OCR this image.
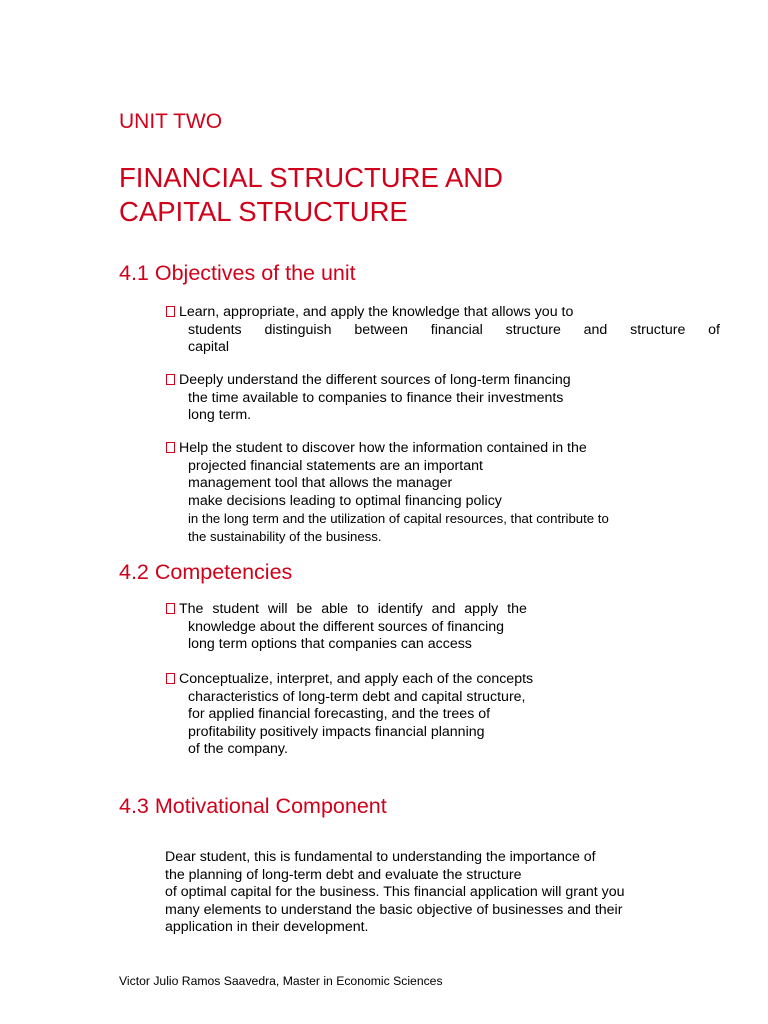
UNIT TWO
FINANCIAL STRUCTURE AND
CAPITAL STRUCTURE
4.1 Objectives of the unit
Learn, appropriate, and apply the knowledge that allows you to
students distinguish between financial structure and structure of
capital
Deeply understand the different sources of long-term financing
the time available to companies to finance their investments
long term.
Help the student to discover how the information contained in the
projected financial statements are an important
management tool that allows the manager
make decisions leading to optimal financing policy
in the long term and the utilization of capital resources, that contribute to
the sustainability of the business.
4.2 Competencies
The student will be able to identify and apply the
knowledge about the different sources of financing
long term options that companies can access
Conceptualize, interpret, and apply each of the concepts
characteristics of long-term debt and capital structure,
for applied financial forecasting, and the trees of
profitability positively impacts financial planning
of the company.
4.3 Motivational Component
Dear student, this is fundamental to understanding the importance of
the planning of long-term debt and evaluate the structure
of optimal capital for the business. This financial application will grant you
many elements to understand the basic objective of businesses and their
application in their development.
Victor Julio Ramos Saavedra, Master in Economic Sciences
